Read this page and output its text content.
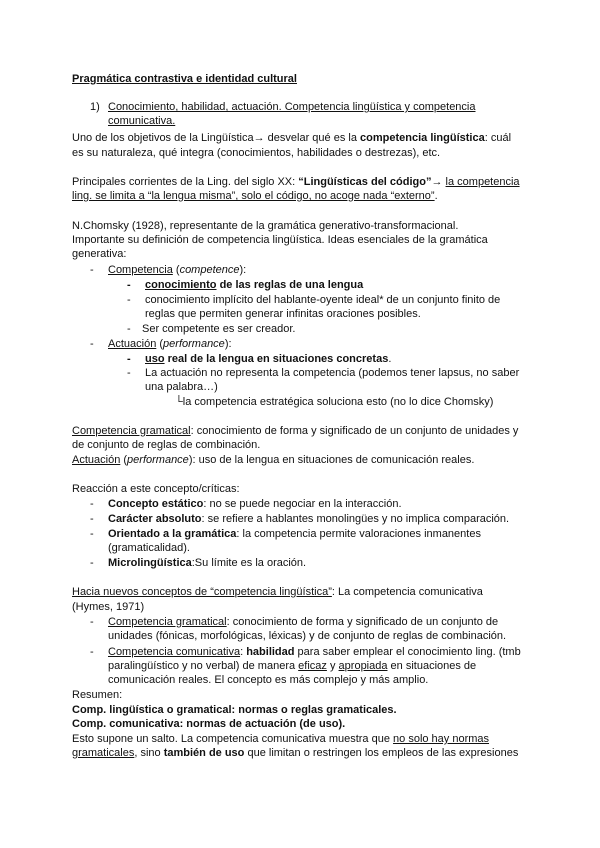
Pragmática contrastiva e identidad cultural
1) Conocimiento, habilidad, actuación. Competencia lingüística y competencia
comunicativa.
Uno de los objetivos de la Lingüística→ desvelar qué es la competencia lingüística: cuál
es su naturaleza, qué integra (conocimientos, habilidades o destrezas), etc.
Principales corrientes de la Ling. del siglo XX: “Lingüísticas del código”→ la competencia
ling. se limita a “la lengua misma”, solo el código, no acoge nada “externo”.
N.Chomsky (1928), representante de la gramática generativo-transformacional.
Importante su definición de competencia lingüística. Ideas esenciales de la gramática
generativa:
- Competencia (competence):
- conocimiento de las reglas de una lengua
- conocimiento implícito del hablante-oyente ideal* de un conjunto finito de
reglas que permiten generar infinitas oraciones posibles.
- Ser competente es ser creador.
- Actuación (performance):
- uso real de la lengua en situaciones concretas.
- La actuación no representa la competencia (podemos tener lapsus, no saber
una palabra…)
└la competencia estratégica soluciona esto (no lo dice Chomsky)
Competencia gramatical: conocimiento de forma y significado de un conjunto de unidades y
de conjunto de reglas de combinación.
Actuación (performance): uso de la lengua en situaciones de comunicación reales.
Reacción a este concepto/críticas:
- Concepto estático: no se puede negociar en la interacción.
- Carácter absoluto: se refiere a hablantes monolingües y no implica comparación.
- Orientado a la gramática: la competencia permite valoraciones inmanentes
(gramaticalidad).
- Microlingüística:Su límite es la oración.
Hacia nuevos conceptos de “competencia lingüística”: La competencia comunicativa
(Hymes, 1971)
- Competencia gramatical: conocimiento de forma y significado de un conjunto de
unidades (fónicas, morfológicas, léxicas) y de conjunto de reglas de combinación.
- Competencia comunicativa: habilidad para saber emplear el conocimiento ling. (tmb
paralingüístico y no verbal) de manera eficaz y apropiada en situaciones de
comunicación reales. El concepto es más complejo y más amplio.
Resumen:
Comp. lingüística o gramatical: normas o reglas gramaticales.
Comp. comunicativa: normas de actuación (de uso).
Esto supone un salto. La competencia comunicativa muestra que no solo hay normas
gramaticales, sino también de uso que limitan o restringen los empleos de las expresiones
